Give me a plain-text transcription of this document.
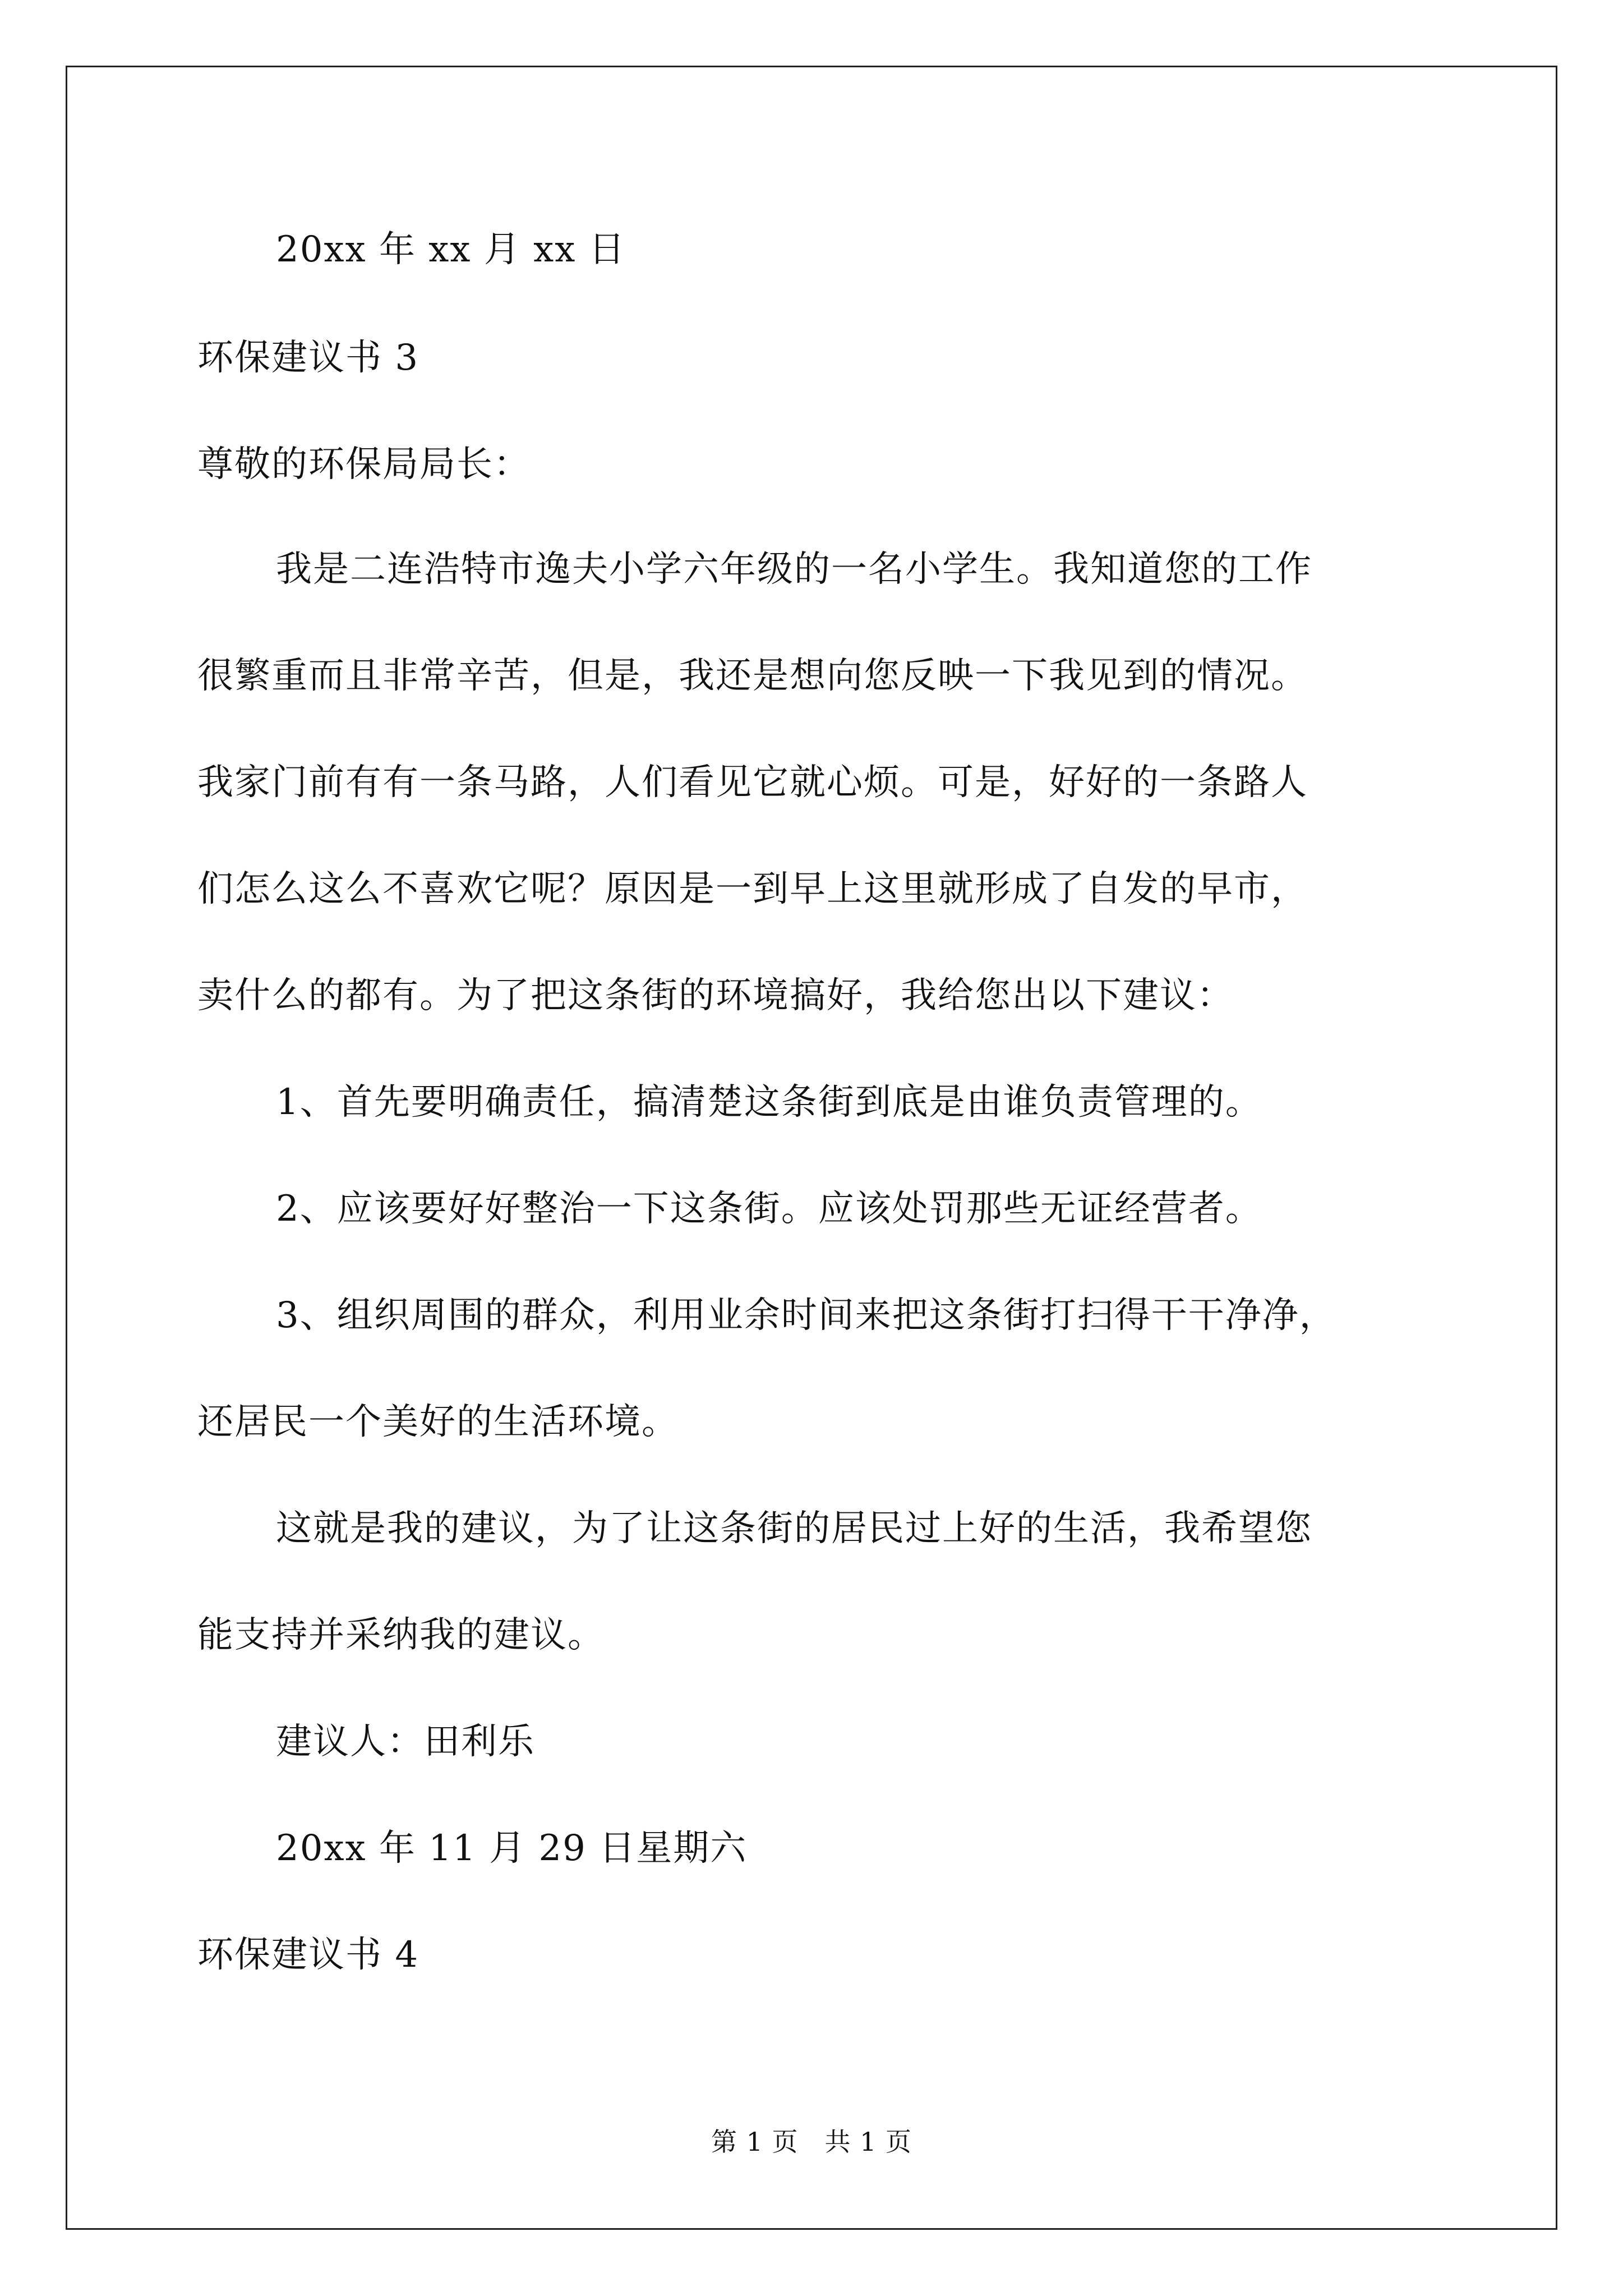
20xx 年 xx 月 xx 日
环保建议书 3
尊敬的环保局局长：
我是二连浩特市逸夫小学六年级的一名小学生。我知道您的工作
很繁重而且非常辛苦，但是，我还是想向您反映一下我见到的情况。
我家门前有有一条马路，人们看见它就心烦。可是，好好的一条路人
们怎么这么不喜欢它呢？原因是一到早上这里就形成了自发的早市，
卖什么的都有。为了把这条街的环境搞好，我给您出以下建议：
1、首先要明确责任，搞清楚这条街到底是由谁负责管理的。
2、应该要好好整治一下这条街。应该处罚那些无证经营者。
3、组织周围的群众，利用业余时间来把这条街打扫得干干净净，
还居民一个美好的生活环境。
这就是我的建议，为了让这条街的居民过上好的生活，我希望您
能支持并采纳我的建议。
建议人：田利乐
20xx 年 11 月 29 日星期六
环保建议书 4
第 1 页　共 1 页
